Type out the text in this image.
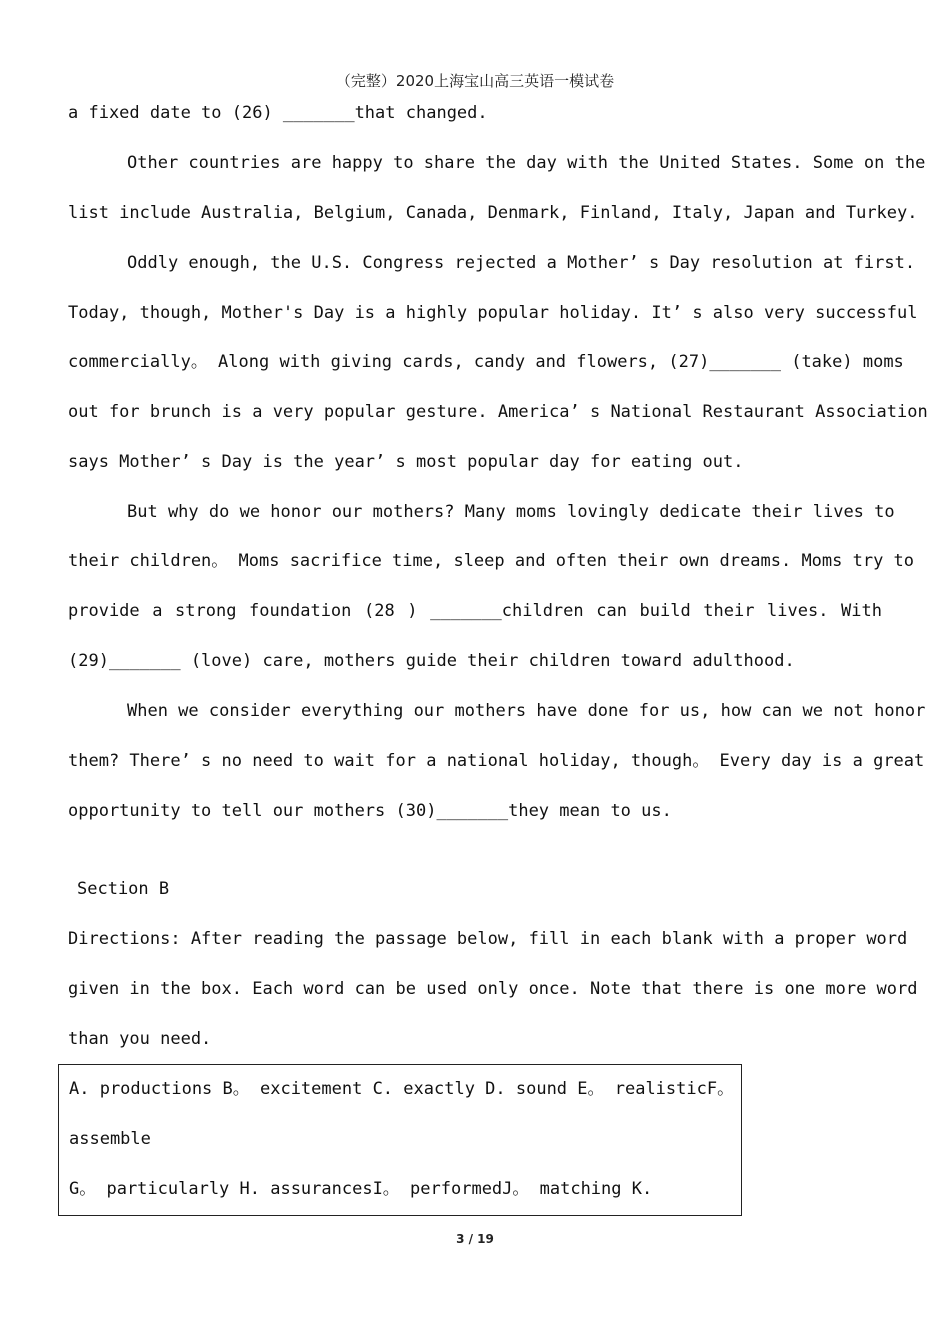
（完整）2020上海宝山高三英语一模试卷
a fixed date to (26) _______that changed.
Other countries are happy to share the day with the United States. Some on the
list include Australia, Belgium, Canada, Denmark, Finland, Italy, Japan and Turkey.
Oddly enough, the U.S. Congress rejected a Mother’ s Day resolution at first.
Today, though, Mother's Day is a highly popular holiday. It’ s also very successful
commercially。 Along with giving cards, candy and flowers, (27)_______ (take) moms
out for brunch is a very popular gesture. America’ s National Restaurant Association
says Mother’ s Day is the year’ s most popular day for eating out.
But why do we honor our mothers? Many moms lovingly dedicate their lives to
their children。 Moms sacrifice time, sleep and often their own dreams. Moms try to
provide a strong foundation (28 ) _______children can build their lives. With
(29)_______ (love) care, mothers guide their children toward adulthood.
When we consider everything our mothers have done for us, how can we not honor
them? There’ s no need to wait for a national holiday, though。 Every day is a great
opportunity to tell our mothers (30)_______they mean to us.
Section B
Directions: After reading the passage below, fill in each blank with a proper word
given in the box. Each word can be used only once. Note that there is one more word
than you need.
A. productions B。 excitement C. exactly D. sound E。 realisticF。
assemble
G。 particularly H. assurancesI。 performedJ。 matching K.
3 / 19
